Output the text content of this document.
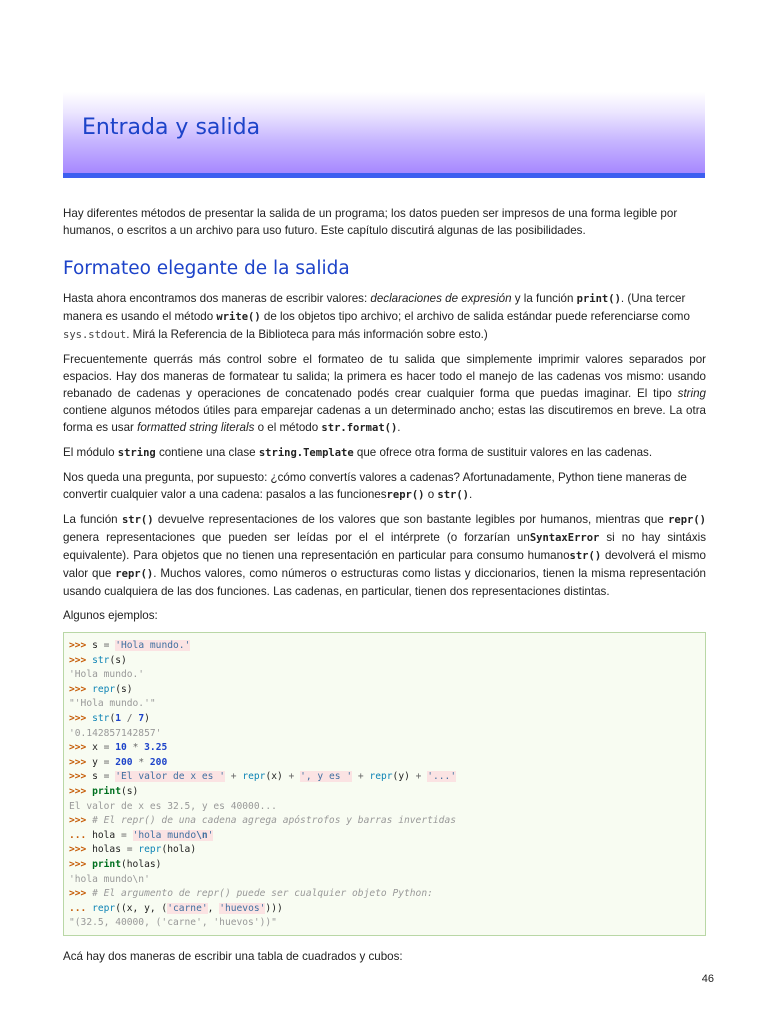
Entrada y salida

Hay diferentes métodos de presentar la salida de un programa; los datos pueden ser impresos de una forma legible por humanos, o escritos a un archivo para uso futuro. Este capítulo discutirá algunas de las posibilidades.

Formateo elegante de la salida

Hasta ahora encontramos dos maneras de escribir valores: declaraciones de expresión y la función print(). (Una tercer manera es usando el método write() de los objetos tipo archivo; el archivo de salida estándar puede referenciarse como sys.stdout. Mirá la Referencia de la Biblioteca para más información sobre esto.)

Frecuentemente querrás más control sobre el formateo de tu salida que simplemente imprimir valores separados por espacios. Hay dos maneras de formatear tu salida; la primera es hacer todo el manejo de las cadenas vos mismo: usando rebanado de cadenas y operaciones de concatenado podés crear cualquier forma que puedas imaginar. El tipo string contiene algunos métodos útiles para emparejar cadenas a un determinado ancho; estas las discutiremos en breve. La otra forma es usar formatted string literals o el método str.format().

El módulo string contiene una clase string.Template que ofrece otra forma de sustituir valores en las cadenas.

Nos queda una pregunta, por supuesto: ¿cómo convertís valores a cadenas? Afortunadamente, Python tiene maneras de convertir cualquier valor a una cadena: pasalos a las funcionesrepr() o str().

La función str() devuelve representaciones de los valores que son bastante legibles por humanos, mientras que repr() genera representaciones que pueden ser leídas por el el intérprete (o forzarían unSyntaxError si no hay sintáxis equivalente). Para objetos que no tienen una representación en particular para consumo humanostr() devolverá el mismo valor que repr(). Muchos valores, como números o estructuras como listas y diccionarios, tienen la misma representación usando cualquiera de las dos funciones. Las cadenas, en particular, tienen dos representaciones distintas.

Algunos ejemplos:

>>> s = 'Hola mundo.'
>>> str(s)
'Hola mundo.'
>>> repr(s)
"'Hola mundo.'"
>>> str(1 / 7)
'0.142857142857'
>>> x = 10 * 3.25
>>> y = 200 * 200
>>> s = 'El valor de x es ' + repr(x) + ', y es ' + repr(y) + '...'
>>> print(s)
El valor de x es 32.5, y es 40000...
>>> # El repr() de una cadena agrega apóstrofos y barras invertidas
... hola = 'hola mundo\n'
>>> holas = repr(hola)
>>> print(holas)
'hola mundo\n'
>>> # El argumento de repr() puede ser cualquier objeto Python:
... repr((x, y, ('carne', 'huevos')))
"(32.5, 40000, ('carne', 'huevos'))"

Acá hay dos maneras de escribir una tabla de cuadrados y cubos:

46
